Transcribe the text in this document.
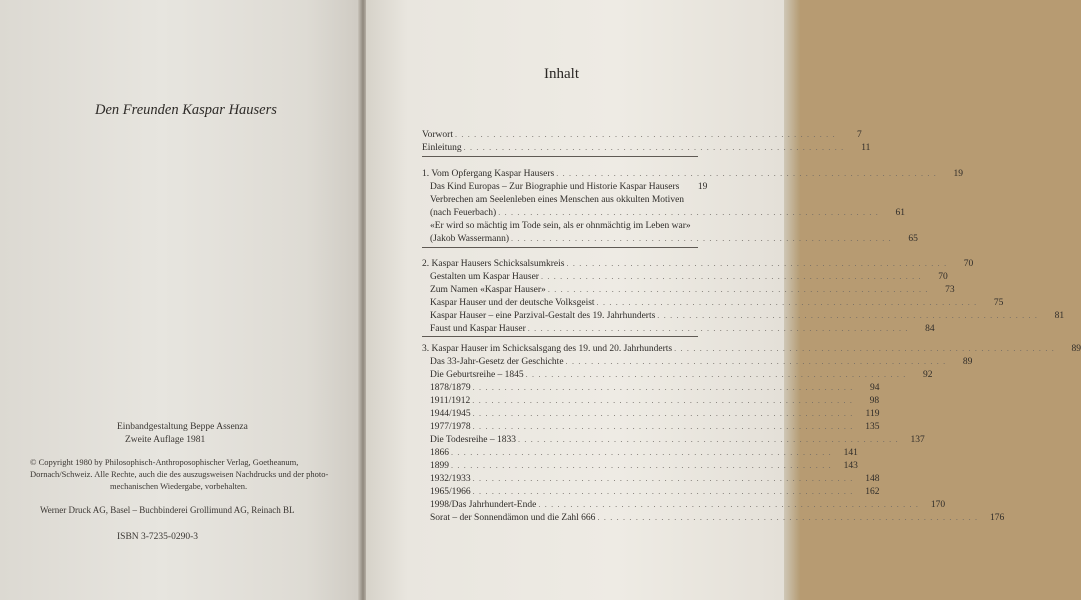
Den Freunden Kaspar Hausers
Einbandgestaltung Beppe Assenza
Zweite Auflage 1981
© Copyright 1980 by Philosophisch-Anthroposophischer Verlag, Goetheanum,
Dornach/Schweiz. Alle Rechte, auch die des auszugsweisen Nachdrucks und der photo-
mechanischen Wiedergabe, vorbehalten.
Werner Druck AG, Basel – Buchbinderei Grollimund AG, Reinach BL
ISBN 3-7235-0290-3
Inhalt
Vorwort . . . . . . . . . . . . . . . . . . . . . . . . . . . . . . . . . . . . . . . . . . . . . . . . . . . . . . . . . . . .	7
Einleitung . . . . . . . . . . . . . . . . . . . . . . . . . . . . . . . . . . . . . . . . . . . . . . . . . . . . . . . . . . . .	11
1. Vom Opfergang Kaspar Hausers . . . . . . . . . . . . . . . . . . . . . . . . . . . . . . . . . . . . . . . . . . . . . . . . . . . . . . . . . . . .	19
Das Kind Europas – Zur Biographie und Historie Kaspar Hausers	19
Verbrechen am Seelenleben eines Menschen aus okkulten Motiven
(nach Feuerbach) . . . . . . . . . . . . . . . . . . . . . . . . . . . . . . . . . . . . . . . . . . . . . . . . . . . . . . . . . . . .	61
«Er wird so mächtig im Tode sein, als er ohnmächtig im Leben war»
(Jakob Wassermann) . . . . . . . . . . . . . . . . . . . . . . . . . . . . . . . . . . . . . . . . . . . . . . . . . . . . . . . . . . . .	65
2. Kaspar Hausers Schicksalsumkreis . . . . . . . . . . . . . . . . . . . . . . . . . . . . . . . . . . . . . . . . . . . . . . . . . . . . . . . . . . . .	70
Gestalten um Kaspar Hauser . . . . . . . . . . . . . . . . . . . . . . . . . . . . . . . . . . . . . . . . . . . . . . . . . . . . . . . . . . . .	70
Zum Namen «Kaspar Hauser» . . . . . . . . . . . . . . . . . . . . . . . . . . . . . . . . . . . . . . . . . . . . . . . . . . . . . . . . . . . .	73
Kaspar Hauser und der deutsche Volksgeist . . . . . . . . . . . . . . . . . . . . . . . . . . . . . . . . . . . . . . . . . . . . . . . . . . . . . . . . . . . .	75
Kaspar Hauser – eine Parzival-Gestalt des 19. Jahrhunderts . . . . . . . . . . . . . . . . . . . . . . . . . . . . . . . . . . . . . . . . . . . . . . . . . . . . . . . . . . . .	81
Faust und Kaspar Hauser . . . . . . . . . . . . . . . . . . . . . . . . . . . . . . . . . . . . . . . . . . . . . . . . . . . . . . . . . . . .	84
3. Kaspar Hauser im Schicksalsgang des 19. und 20. Jahrhunderts . . . . . . . . . . . . . . . . . . . . . . . . . . . . . . . . . . . . . . . . . . . . . . . . . . . . . . . . . . . .	89
Das 33-Jahr-Gesetz der Geschichte . . . . . . . . . . . . . . . . . . . . . . . . . . . . . . . . . . . . . . . . . . . . . . . . . . . . . . . . . . . .	89
Die Geburtsreihe – 1845 . . . . . . . . . . . . . . . . . . . . . . . . . . . . . . . . . . . . . . . . . . . . . . . . . . . . . . . . . . . .	92
1878/1879 . . . . . . . . . . . . . . . . . . . . . . . . . . . . . . . . . . . . . . . . . . . . . . . . . . . . . . . . . . . .	94
1911/1912 . . . . . . . . . . . . . . . . . . . . . . . . . . . . . . . . . . . . . . . . . . . . . . . . . . . . . . . . . . . .	98
1944/1945 . . . . . . . . . . . . . . . . . . . . . . . . . . . . . . . . . . . . . . . . . . . . . . . . . . . . . . . . . . . .	119
1977/1978 . . . . . . . . . . . . . . . . . . . . . . . . . . . . . . . . . . . . . . . . . . . . . . . . . . . . . . . . . . . .	135
Die Todesreihe – 1833 . . . . . . . . . . . . . . . . . . . . . . . . . . . . . . . . . . . . . . . . . . . . . . . . . . . . . . . . . . . .	137
1866 . . . . . . . . . . . . . . . . . . . . . . . . . . . . . . . . . . . . . . . . . . . . . . . . . . . . . . . . . . . .	141
1899 . . . . . . . . . . . . . . . . . . . . . . . . . . . . . . . . . . . . . . . . . . . . . . . . . . . . . . . . . . . .	143
1932/1933 . . . . . . . . . . . . . . . . . . . . . . . . . . . . . . . . . . . . . . . . . . . . . . . . . . . . . . . . . . . .	148
1965/1966 . . . . . . . . . . . . . . . . . . . . . . . . . . . . . . . . . . . . . . . . . . . . . . . . . . . . . . . . . . . .	162
1998/Das Jahrhundert-Ende . . . . . . . . . . . . . . . . . . . . . . . . . . . . . . . . . . . . . . . . . . . . . . . . . . . . . . . . . . . .	170
Sorat – der Sonnendämon und die Zahl 666 . . . . . . . . . . . . . . . . . . . . . . . . . . . . . . . . . . . . . . . . . . . . . . . . . . . . . . . . . . . .	176
